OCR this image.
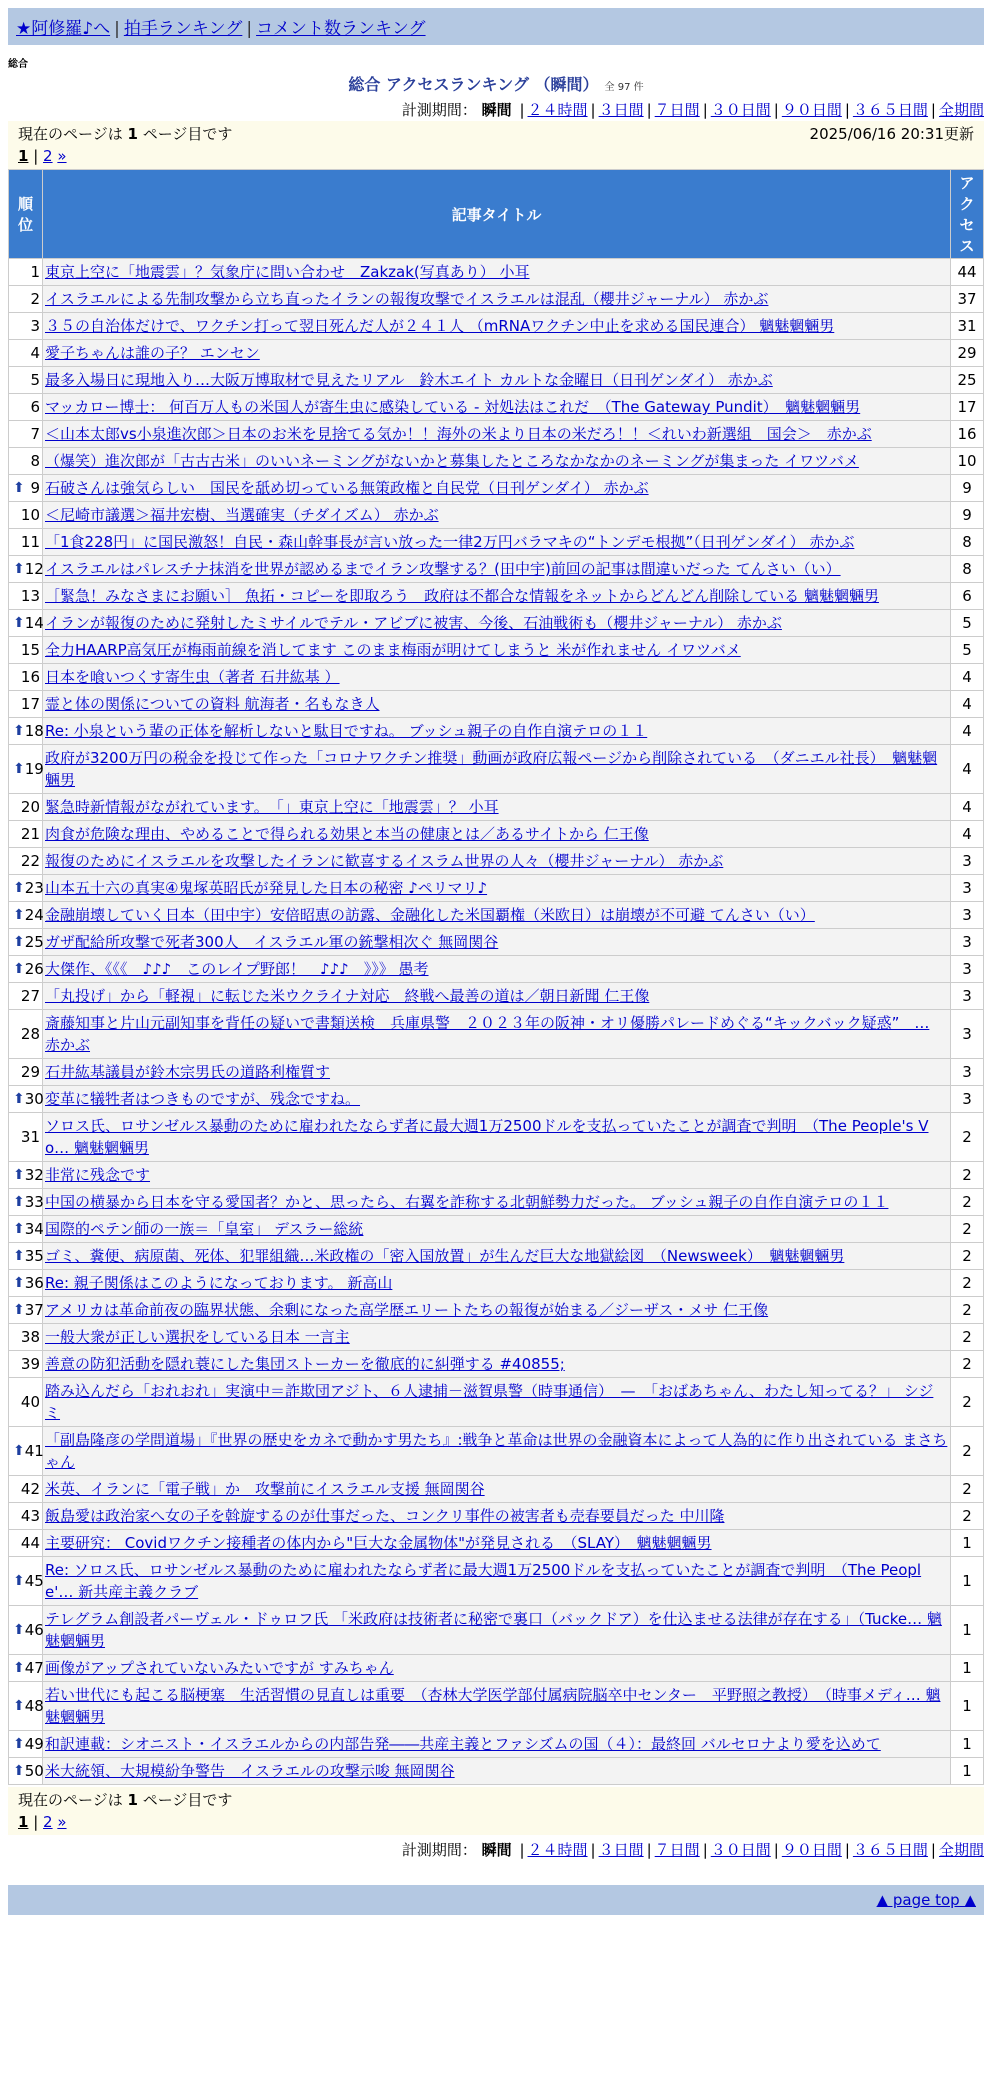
★阿修羅♪へ | 拍手ランキング | コメント数ランキング
総合
総合 アクセスランキング （瞬間） 全 97 件
計測期間： 瞬間 | ２４時間 | ３日間 | ７日間 | ３０日間 | ９０日間 | ３６５日間 | 全期間
現在のページは 1 ページ目です	2025/06/16 20:31更新
1 | 2 »
順位	記事タイトル	アクセス
1	東京上空に「地震雲」？気象庁に問い合わせ　Zakzak(写真あり） 小耳	44
2	イスラエルによる先制攻撃から立ち直ったイランの報復攻撃でイスラエルは混乱（櫻井ジャーナル） 赤かぶ	37
3	３５の自治体だけで、ワクチン打って翌日死んだ人が２４１人 （mRNAワクチン中止を求める国民連合） 魑魅魍魎男	31
4	愛子ちゃんは誰の子？ エンセン	29
5	最多入場日に現地入り…大阪万博取材で見えたリアル　鈴木エイト カルトな金曜日（日刊ゲンダイ） 赤かぶ	25
6	マッカロー博士： 何百万人もの米国人が寄生虫に感染している - 対処法はこれだ　（The Gateway Pundit）　魑魅魍魎男	17
7	＜山本太郎vs小泉進次郎＞日本のお米を見捨てる気か！！海外の米より日本の米だろ！！＜れいわ新選組　国会＞　赤かぶ	16
8	（爆笑）進次郎が「古古古米」のいいネーミングがないかと募集したところなかなかのネーミングが集まった イワツバメ	10

⬆ 9	石破さんは強気らしい　国民を舐め切っている無策政権と自民党（日刊ゲンダイ） 赤かぶ	9
10	＜尼崎市議選＞福井宏樹、当選確実（チダイズム） 赤かぶ	9
11	「1食228円」に国民激怒！自民・森山幹事長が言い放った一律2万円バラマキの“トンデモ根拠”（日刊ゲンダイ） 赤かぶ	8

⬆ 12	イスラエルはパレスチナ抹消を世界が認めるまでイラン攻撃する？(田中宇)前回の記事は間違いだった てんさい（い）	8
13	［緊急！みなさまにお願い］ 魚拓・コピーを即取ろう　政府は不都合な情報をネットからどんどん削除している 魑魅魍魎男	6

⬆ 14	イランが報復のために発射したミサイルでテル・アビブに被害、今後、石油戦術も（櫻井ジャーナル） 赤かぶ	5
15	全力HAARP高気圧が梅雨前線を消してます このまま梅雨が明けてしまうと 米が作れません イワツバメ	5
16	日本を喰いつくす寄生虫（著者 石井紘基 ）	4
17	霊と体の関係についての資料 航海者・名もなき人	4

⬆ 18	Re: 小泉という輩の正体を解析しないと駄目ですね。 ブッシュ親子の自作自演テロの１１	4

⬆ 19	政府が3200万円の税金を投じて作った「コロナワクチン推奨」動画が政府広報ページから削除されている　（ダニエル社長）　魑魅魍魎男	4
20	緊急時新情報がながれています。　「」東京上空に「地震雲」？ 小耳	4
21	肉食が危険な理由、やめることで得られる効果と本当の健康とは／あるサイトから 仁王像	4
22	報復のためにイスラエルを攻撃したイランに歓喜するイスラム世界の人々（櫻井ジャーナル） 赤かぶ	3

⬆ 23	山本五十六の真実④鬼塚英昭氏が発見した日本の秘密 ♪ペリマリ♪	3

⬆ 24	金融崩壊していく日本（田中宇）安倍昭恵の訪露、金融化した米国覇権（米欧日）は崩壊が不可避 てんさい（い）	3

⬆ 25	ガザ配給所攻撃で死者300人　イスラエル軍の銃撃相次ぐ 無岡関谷	3

⬆ 26	大傑作、《《《　♪♪♪　このレイプ野郎！　♪♪♪　》》》 愚考	3
27	「丸投げ」から「軽視」に転じた米ウクライナ対応　終戦へ最善の道は／朝日新聞 仁王像	3
28	斎藤知事と片山元副知事を背任の疑いで書類送検　兵庫県警　２０２３年の阪神・オリ優勝パレードめぐる“キックバック疑惑”　… 赤かぶ	3
29	石井紘基議員が鈴木宗男氏の道路利権質す	3

⬆ 30	変革に犠牲者はつきものですが、残念ですね。	3
31	ソロス氏、ロサンゼルス暴動のために雇われたならず者に最大週1万2500ドルを支払っていたことが調査で判明　（The People's Vo… 魑魅魍魎男	2

⬆ 32	非常に残念です	2

⬆ 33	中国の横暴から日本を守る愛国者？かと、思ったら、右翼を詐称する北朝鮮勢力だった。 ブッシュ親子の自作自演テロの１１	2

⬆ 34	国際的ペテン師の一族＝「皇室」 デスラー総統	2

⬆ 35	ゴミ、糞便、病原菌、死体、犯罪組織…米政権の「密入国放置」が生んだ巨大な地獄絵図　（Newsweek）　魑魅魍魎男	2

⬆ 36	Re: 親子関係はこのようになっております。 新高山	2

⬆ 37	アメリカは革命前夜の臨界状態、余剰になった高学歴エリートたちの報復が始まる／ジーザス・メサ 仁王像	2
38	一般大衆が正しい選択をしている日本 一言主	2
39	善意の防犯活動を隠れ蓑にした集団ストーカーを徹底的に糾弾する #40855;	2
40	踏み込んだら「おれおれ」実演中＝詐欺団アジト、６人逮捕－滋賀県警（時事通信）　—　「おばあちゃん、わたし知ってる？」 シジミ	2

⬆ 41	「副島隆彦の学問道場」『世界の歴史をカネで動かす男たち』:戦争と革命は世界の金融資本によって人為的に作り出されている まさちゃん	2
42	米英、イランに「電子戦」か　攻撃前にイスラエル支援 無岡関谷	2
43	飯島愛は政治家へ女の子を斡旋するのが仕事だった、コンクリ事件の被害者も売春要員だった 中川隆	2
44	主要研究： Covidワクチン接種者の体内から"巨大な金属物体"が発見される　（SLAY）　魑魅魍魎男	1

⬆ 45	Re: ソロス氏、ロサンゼルス暴動のために雇われたならず者に最大週1万2500ドルを支払っていたことが調査で判明　（The People'… 新共産主義クラブ	1

⬆ 46	テレグラム創設者パーヴェル・ドゥロフ氏 「米政府は技術者に秘密で裏口（バックドア）を仕込ませる法律が存在する」（Tucke… 魑魅魍魎男	1

⬆ 47	画像がアップされていないみたいですが すみちゃん	1

⬆ 48	若い世代にも起こる脳梗塞　生活習慣の見直しは重要　（杏林大学医学部付属病院脳卒中センター　平野照之教授）　（時事メディ… 魑魅魍魎男	1

⬆ 49	和訳連載：シオニスト・イスラエルからの内部告発――共産主義とファシズムの国（４）：最終回 バルセロナより愛を込めて	1

⬆ 50	米大統領、大規模紛争警告　イスラエルの攻撃示唆 無岡関谷	1
現在のページは 1 ページ目です
1 | 2 »
計測期間： 瞬間 | ２４時間 | ３日間 | ７日間 | ３０日間 | ９０日間 | ３６５日間 | 全期間
▲ page top ▲
